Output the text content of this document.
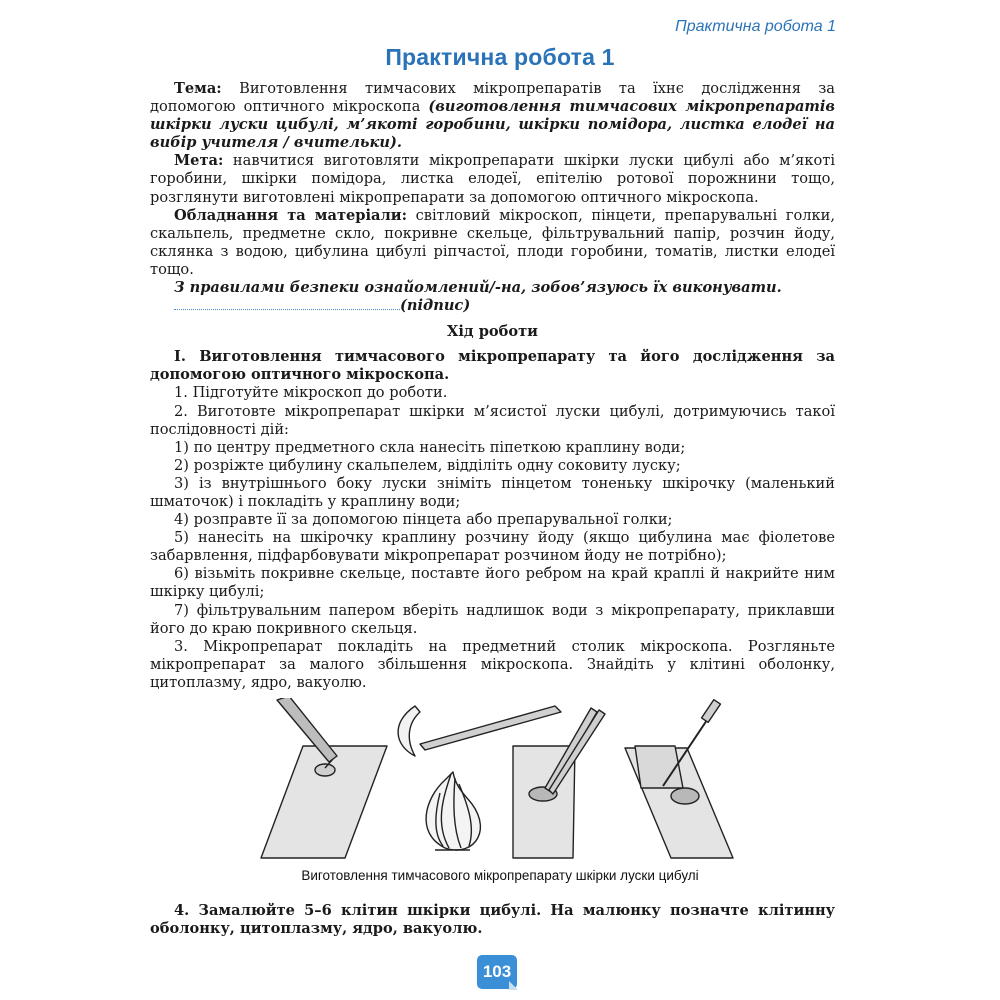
Практична робота 1
Практична робота 1

Тема: Виготовлення тимчасових мікропрепаратів та їхнє дослідження за допомогою оптичного мікроскопа (виготовлення тимчасових мікропрепаратів шкірки луски цибулі, м’якоті горобини, шкірки помідора, листка елодеї на вибір учителя / вчительки).

Мета: навчитися виготовляти мікропрепарати шкірки луски цибулі або м’якоті горобини, шкірки помідора, листка елодеї, епітелію ротової порожнини тощо, розглянути виготовлені мікропрепарати за допомогою оптичного мікроскопа.

Обладнання та матеріали: світловий мікроскоп, пінцети, препарувальні голки, скальпель, предметне скло, покривне скельце, фільтрувальний папір, розчин йоду, склянка з водою, цибулина цибулі ріпчастої, плоди горобини, томатів, листки елодеї тощо.

З правилами безпеки ознайомлений/-на, зобов’язуюсь їх виконувати.

(підпис)

Хід роботи

І. Виготовлення тимчасового мікропрепарату та його дослідження за допомогою оптичного мікроскопа.

1. Підготуйте мікроскоп до роботи.

2. Виготовте мікропрепарат шкірки м’ясистої луски цибулі, дотримуючись такої послідовності дій:

1) по центру предметного скла нанесіть піпеткою краплину води;

2) розріжте цибулину скальпелем, відділіть одну соковиту луску;

3) із внутрішнього боку луски зніміть пінцетом тоненьку шкірочку (маленький шматочок) і покладіть у краплину води;

4) розправте її за допомогою пінцета або препарувальної голки;

5) нанесіть на шкірочку краплину розчину йоду (якщо цибулина має фіолетове забарвлення, підфарбовувати мікропрепарат розчином йоду не потрібно);

6) візьміть покривне скельце, поставте його ребром на край краплі й накрийте ним шкірку цибулі;

7) фільтрувальним папером вберіть надлишок води з мікропрепарату, приклавши його до краю покривного скельця.

3. Мікропрепарат покладіть на предметний столик мікроскопа. Розгляньте мікропрепарат за малого збільшення мікроскопа. Знайдіть у клітині оболонку, цитоплазму, ядро, вакуолю.

Виготовлення тимчасового мікропрепарату шкірки луски цибулі

4. Замалюйте 5–6 клітин шкірки цибулі. На малюнку позначте клітинну оболонку, цитоплазму, ядро, вакуолю.

103
